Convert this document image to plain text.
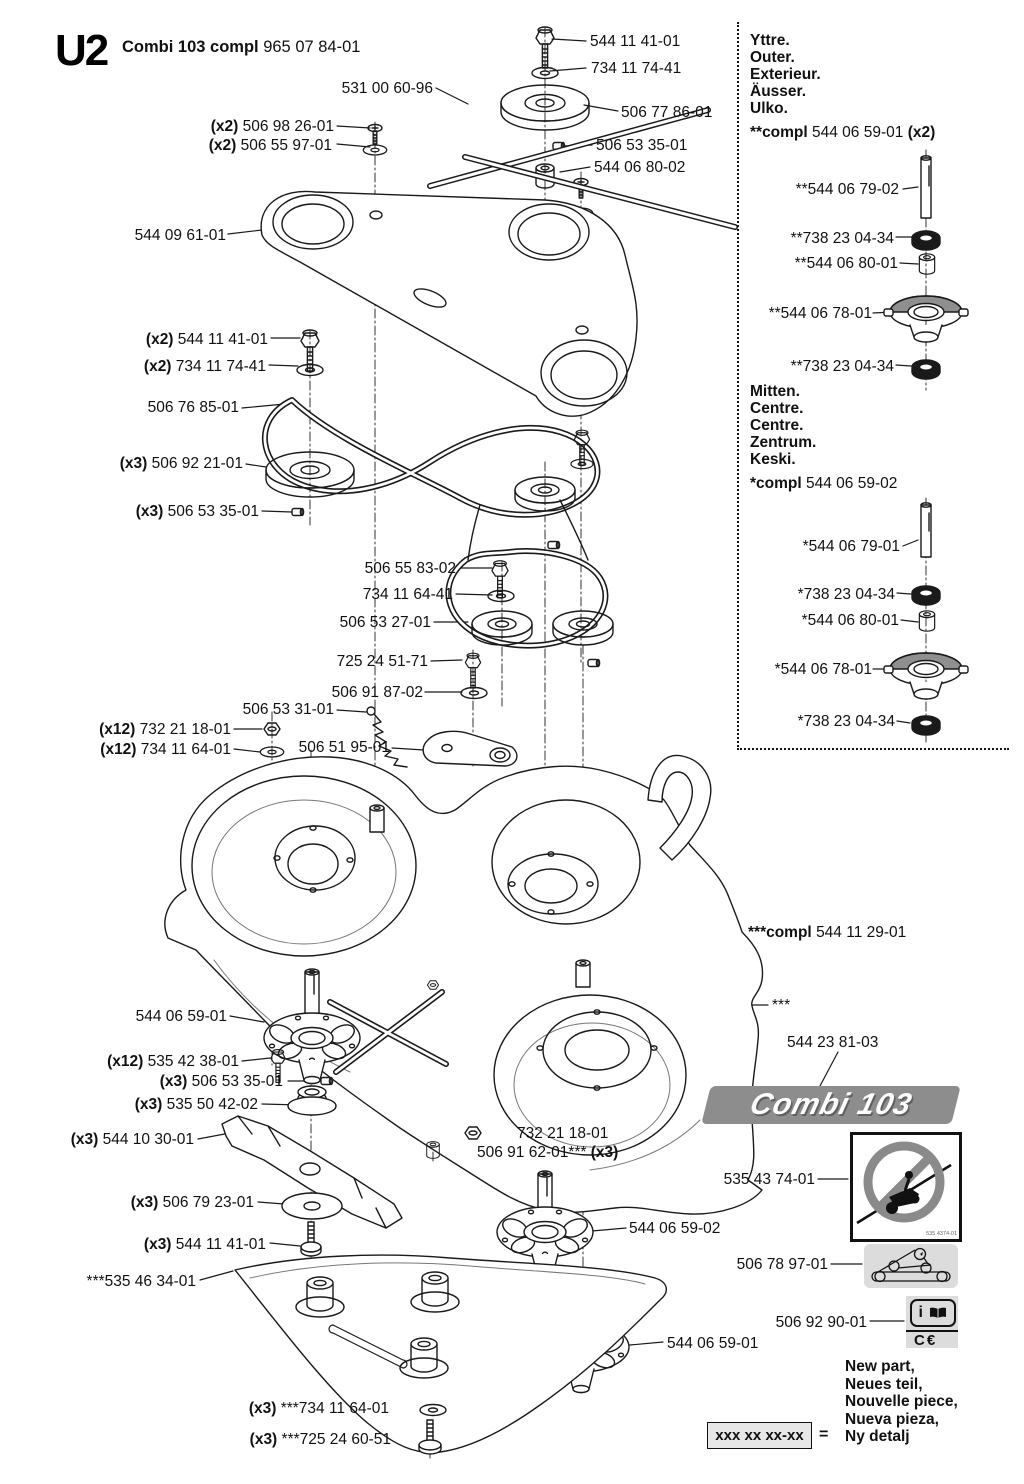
U2 Combi 103 compl 965 07 84-01	544 11 41-01
734 11 74-41
531 00 60-96
506 77 86-01
(x2) 506 98 26-01
(x2) 506 55 97-01	506 53 35-01
544 06 80-02
544 09 61-01
(x2) 544 11 41-01
(x2) 734 11 74-41
506 76 85-01
(x3) 506 92 21-01
(x3) 506 53 35-01
506 55 83-02
734 11 64-41
506 53 27-01
725 24 51-71
506 91 87-02
506 53 31-01
(x12) 732 21 18-01
(x12) 734 11 64-01	506 51 95-01
***compl 544 11 29-01
***
544 23 81-03
544 06 59-01
(x12) 535 42 38-01
(x3) 506 53 35-01
(x3) 535 50 42-02
(x3) 544 10 30-01	732 21 18-01
506 91 62-01*** (x3)
(x3) 506 79 23-01
(x3) 544 11 41-01
***535 46 34-01
544 06 59-02
544 06 59-01
535 43 74-01
506 78 97-01
506 92 90-01
(x3) ***734 11 64-01
(x3) ***725 24 60-51
Yttre.
Outer.
Exterieur.
Äusser.
Ulko.
**compl 544 06 59-01 (x2)
**544 06 79-02
**738 23 04-34
**544 06 80-01
**544 06 78-01
**738 23 04-34
Mitten.
Centre.
Centre.
Zentrum.
Keski.
*compl 544 06 59-02
*544 06 79-01
*738 23 04-34
*544 06 80-01
*544 06 78-01
*738 23 04-34
Combi 103
535 4374-01
i
C€
xxx xx xx-xx =
New part,
Neues teil,
Nouvelle piece,
Nueva pieza,
Ny detalj
